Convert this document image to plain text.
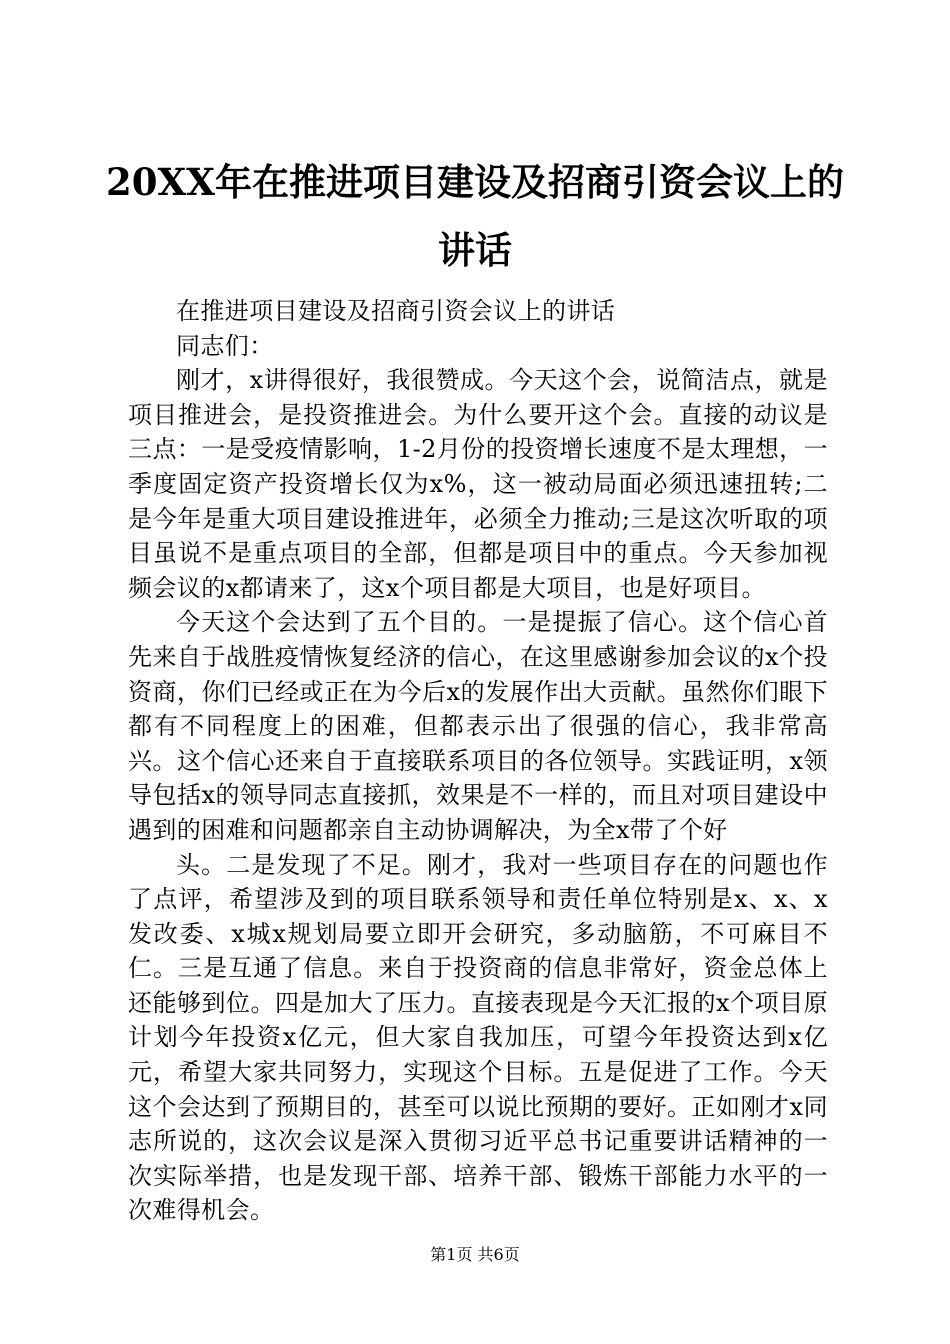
20XX年在推进项目建设及招商引资会议上的讲话

在推进项目建设及招商引资会议上的讲话

同志们：

刚才，x讲得很好，我很赞成。今天这个会，说简洁点，就是项目推进会，是投资推进会。为什么要开这个会。直接的动议是三点：一是受疫情影响，1-2月份的投资增长速度不是太理想，一季度固定资产投资增长仅为x%，这一被动局面必须迅速扭转;二是今年是重大项目建设推进年，必须全力推动;三是这次听取的项目虽说不是重点项目的全部，但都是项目中的重点。今天参加视频会议的x都请来了，这x个项目都是大项目，也是好项目。

今天这个会达到了五个目的。一是提振了信心。这个信心首先来自于战胜疫情恢复经济的信心，在这里感谢参加会议的x个投资商，你们已经或正在为今后x的发展作出大贡献。虽然你们眼下都有不同程度上的困难，但都表示出了很强的信心，我非常高兴。这个信心还来自于直接联系项目的各位领导。实践证明，x领导包括x的领导同志直接抓，效果是不一样的，而且对项目建设中遇到的困难和问题都亲自主动协调解决，为全x带了个好

头。二是发现了不足。刚才，我对一些项目存在的问题也作了点评，希望涉及到的项目联系领导和责任单位特别是x、x、x发改委、x城x规划局要立即开会研究，多动脑筋，不可麻目不仁。三是互通了信息。来自于投资商的信息非常好，资金总体上还能够到位。四是加大了压力。直接表现是今天汇报的x个项目原计划今年投资x亿元，但大家自我加压，可望今年投资达到x亿元，希望大家共同努力，实现这个目标。五是促进了工作。今天这个会达到了预期目的，甚至可以说比预期的要好。正如刚才x同志所说的，这次会议是深入贯彻习近平总书记重要讲话精神的一次实际举措，也是发现干部、培养干部、锻炼干部能力水平的一次难得机会。

第1页 共6页
